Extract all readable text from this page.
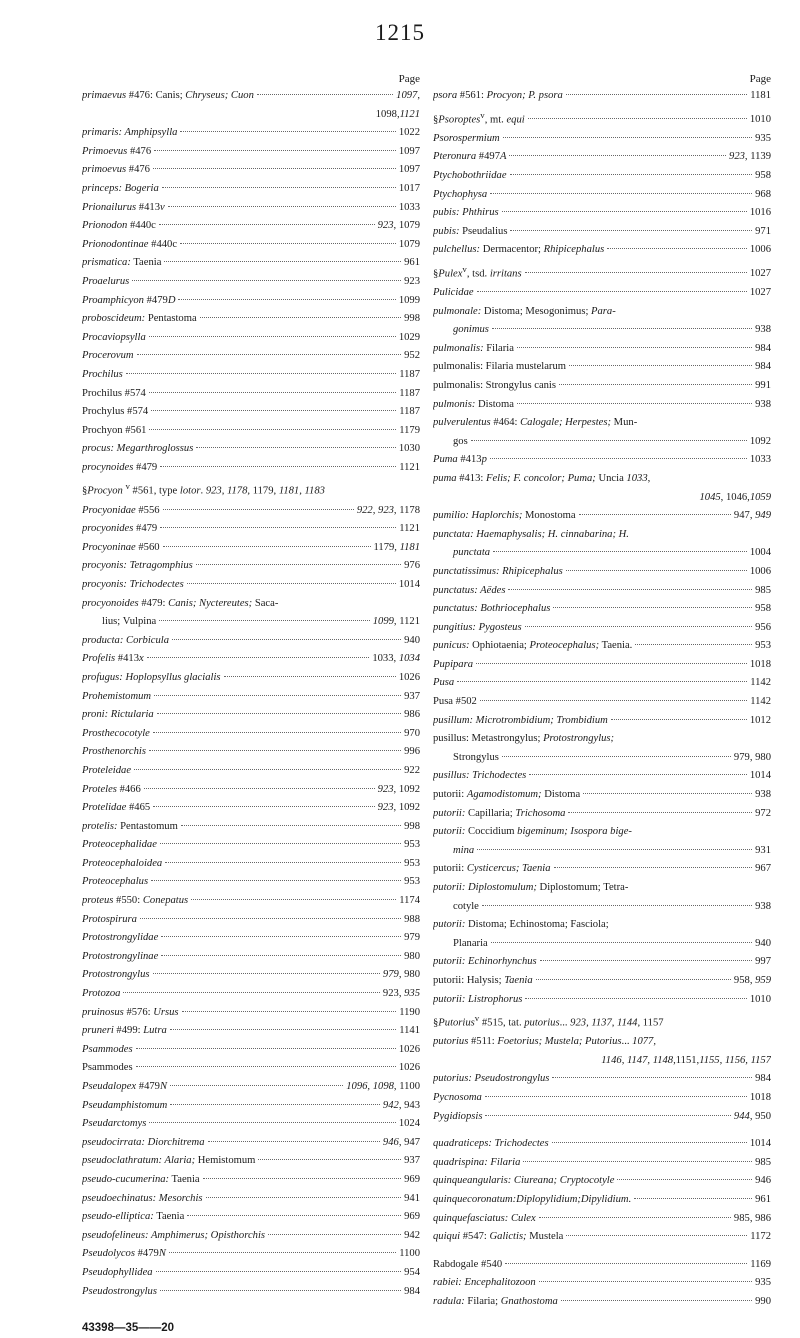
1215
Page
primaevus #476: Canis; Chryseus; Cuon	1097,
1098, 1121
primaris: Amphipsylla	1022
Primoevus #476	1097
primoevus #476	1097
princeps: Bogeria	1017
Prionailurus #413v	1033
Prionodon #440c	923, 1079
Prionodontinae #440c	1079
prismatica: Taenia	961
Proaelurus	923
Proamphicyon #479D	1099
proboscideum: Pentastoma	998
Procaviopsylla	1029
Procerovum	952
Prochilus	1187
Prochilus #574	1187
Prochylus #574	1187
Prochyon #561	1179
procus: Megarthroglossus	1030
procynoides #479	1121
§Procyon $^v$ #561, type lotor. 923, 1178, 1179, 1181, 1183
Procyonidae #556	922, 923, 1178
procyonides #479	1121
Procyoninae #560	1179, 1181
procyonis: Tetragomphius	976
procyonis: Trichodectes	1014
procyonoides #479: Canis; Nyctereutes; Saca-
lius; Vulpina	1099, 1121
producta: Corbicula	940
Profelis #413x	1033, 1034
profugus: Hoplopsyllus glacialis	1026
Prohemistomum	937
proni: Rictularia	986
Prosthecocotyle	970
Prosthenorchis	996
Proteleidae	922
Proteles #466	923, 1092
Protelidae #465	923, 1092
protelis: Pentastomum	998
Proteocephalidae	953
Proteocephaloidea	953
Proteocephalus	953
proteus #550: Conepatus	1174
Protospirura	988
Protostrongylidae	979
Protostrongylinae	980
Protostrongylus	979, 980
Protozoa	923, 935
pruinosus #576: Ursus	1190
pruneri #499: Lutra	1141
Psammodes	1026
Psammodes	1026
Pseudalopex #479N	1096, 1098, 1100
Pseudamphistomum	942, 943
Pseudarctomys	1024
pseudocirrata: Diorchitrema	946, 947
pseudoclathratum: Alaria; Hemistomum	937
pseudo-cucumerina: Taenia	969
pseudoechinatus: Mesorchis	941
pseudo-elliptica: Taenia	969
pseudofelineus: Amphimerus; Opisthorchis	942
Pseudolycos #479N	1100
Pseudophyllidea	954
Pseudostrongylus	984
Page
psora #561: Procyon; P. psora	1181
§Psoroptes$^v$, mt. equi	1010
Psorospermium	935
Pteronura #497A	923, 1139
Ptychobothriidae	958
Ptychophysa	968
pubis: Phthirus	1016
pubis: Pseudalius	971
pulchellus: Dermacentor; Rhipicephalus	1006
§Pulex$^v$, tsd. irritans	1027
Pulicidae	1027
pulmonale: Distoma; Mesogonimus; Para-
gonimus	938
pulmonalis: Filaria	984
pulmonalis: Filaria mustelarum	984
pulmonalis: Strongylus canis	991
pulmonis: Distoma	938
pulverulentus #464: Calogale; Herpestes; Mun-
gos	1092
Puma #413p	1033
puma #413: Felis; F. concolor; Puma; Uncia 1033,
1045 , 1046, 1059
pumilio: Haplorchis; Monostoma	947, 949
punctata: Haemaphysalis; H. cinnabarina; H.
punctata	1004
punctatissimus: Rhipicephalus	1006
punctatus: Aëdes	985
punctatus: Bothriocephalus	958
pungitius: Pygosteus	956
punicus: Ophiotaenia; Proteocephalus; Taenia.	953
Pupipara	1018
Pusa	1142
Pusa #502	1142
pusillum: Microtrombidium; Trombidium	1012
pusillus: Metastrongylus; Protostrongylus;
Strongylus	979, 980
pusillus: Trichodectes	1014
putorii: Agamodistomum; Distoma	938
putorii: Capillaria; Trichosoma	972
putorii: Coccidium bigeminum; Isospora bige-
mina	931
putorii: Cysticercus; Taenia	967
putorii: Diplostomulum; Diplostomum; Tetra-
cotyle	938
putorii: Distoma; Echinostoma; Fasciola;
Planaria	940
putorii: Echinorhynchus	997
putorii: Halysis; Taenia	958, 959
putorii: Listrophorus	1010
§Putorius$^v$ #515, tat. putorius... 923, 1137, 1144, 1157
putorius #511: Foetorius; Mustela; Putorius... 1077,
1146, 1147, 1148, 1151, 1155, 1156, 1157
putorius: Pseudostrongylus	984
Pycnosoma	1018
Pygidiopsis	944, 950
quadraticeps: Trichodectes	1014
quadrispina: Filaria	985
quinqueangularis: Ciureana; Cryptocotyle	946
quinquecoronatum:Diplopylidium;Dipylidium.	961
quinquefasciatus: Culex	985, 986
quiqui #547: Galictis; Mustela	1172
Rabdogale #540	1169
rabiei: Encephalitozoon	935
radula: Filaria; Gnathostoma	990
43398—35——20
